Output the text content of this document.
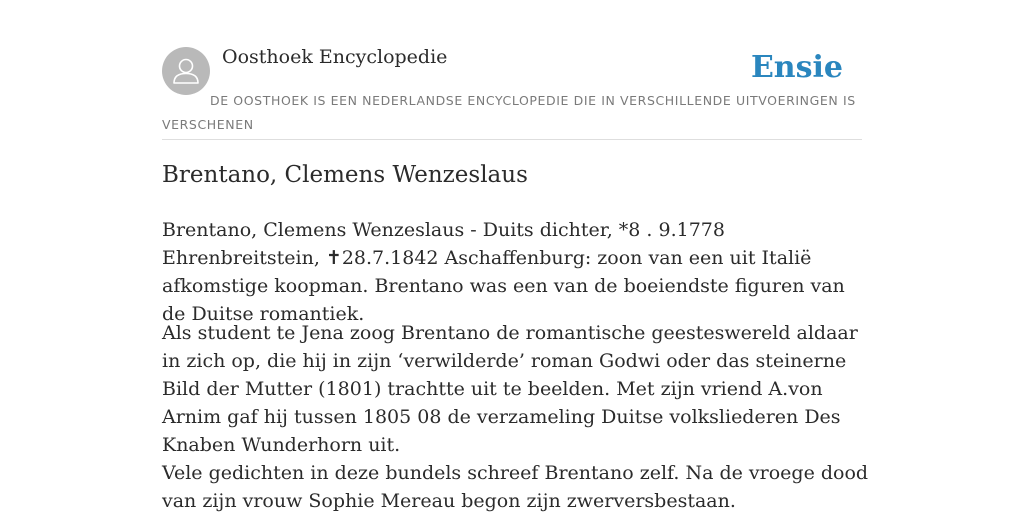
Oosthoek Encyclopedie	Ensie
DE OOSTHOEK IS EEN NEDERLANDSE ENCYCLOPEDIE DIE IN VERSCHILLENDE UITVOERINGEN IS VERSCHENEN
Brentano, Clemens Wenzeslaus

Brentano, Clemens Wenzeslaus - Duits dichter, *8 . 9.1778 Ehrenbreitstein, ✝28.7.1842 Aschaffenburg: zoon van een uit Italië afkomstige koopman. Brentano was een van de boeiendste figuren van de Duitse romantiek.

Als student te Jena zoog Brentano de romantische geesteswereld aldaar in zich op, die hij in zijn ‘verwilderde’ roman Godwi oder das steinerne Bild der Mutter (1801) trachtte uit te beelden. Met zijn vriend A.von Arnim gaf hij tussen 1805 08 de verzameling Duitse volksliederen Des Knaben Wunderhorn uit.

Vele gedichten in deze bundels schreef Brentano zelf. Na de vroege dood van zijn vrouw Sophie Mereau begon zijn zwerversbestaan.
